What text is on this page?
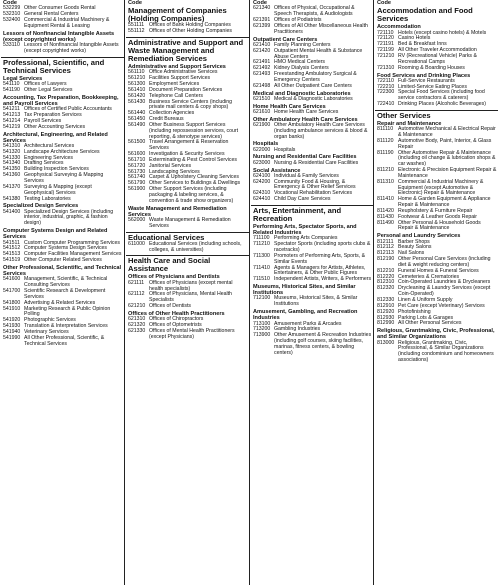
Code
532299 Other Consumer Goods Rental
532310 General Rental Centers
532400 Commercial & Industrial Machinery & Equipment Rental & Leasing
Lessors of Nonfinancial Intangible Assets (except copyrighted works)
533110 Lessors of Nonfinancial Intangible Assets (except copyrighted works)
Professional, Scientific, and Technical Services
Legal Services
541110 Offices of Lawyers
541190 Other Legal Services
Accounting, Tax Preparation, Bookkeeping, and Payroll Services
541211 Offices of Certified Public Accountants
541213 Tax Preparation Services
541214 Payroll Services
541219 Other Accounting Services
Architectural, Engineering, and Related Services
541310 Architectural Services
541320 Landscape Architecture Services
541330 Engineering Services
541340 Drafting Services
541350 Building Inspection Services
541360 Geophysical Surveying & Mapping Services
541370 Surveying & Mapping (except Geophysical) Services
541380 Testing Laboratories
Specialized Design Services
541400 Specialized Design Services (including interior, industrial, graphic, & fashion design)
Computer Systems Design and Related Services
541511 Custom Computer Programming Services
541512 Computer Systems Design Services
541513 Computer Facilities Management Services
541519 Other Computer Related Services
Other Professional, Scientific, and Technical Services
541600 Management, Scientific, & Technical Consulting Services
541700 Scientific Research & Development Services
541800 Advertising & Related Services
541910 Marketing Research & Public Opinion Polling
541920 Photographic Services
541930 Translation & Interpretation Services
541940 Veterinary Services
541990 All Other Professional, Scientific, & Technical Services
Code
Management of Companies (Holding Companies)
551111 Offices of Bank Holding Companies
551112 Offices of Other Holding Companies
Administrative and Support and Waste Management and Remediation Services
Administrative and Support Services
561110 Office Administrative Services
561210 Facilities Support Services
561300 Employment Services
561410 Document Preparation Services
561420 Telephone Call Centers
561430 Business Service Centers (including private mail centers & copy shops)
561440 Collection Agencies
561450 Credit Bureaus
561490 Other Business Support Services (including repossession services, court reporting, & stenotype services)
561500 Travel Arrangement & Reservation Services
561600 Investigation & Security Services
561710 Exterminating & Pest Control Services
561720 Janitorial Services
561730 Landscaping Services
561740 Carpet & Upholstery Cleaning Services
561790 Other Services to Buildings & Dwellings
561900 Other Support Services (including packaging & labeling services, & convention & trade show organizers)
Waste Management and Remediation Services
562000 Waste Management & Remediation Services
Educational Services
611000 Educational Services (including schools, colleges, & universities)
Health Care and Social Assistance
Offices of Physicians and Dentists
621111 Offices of Physicians (except mental health specialists)
621112 Offices of Physicians, Mental Health Specialists
621210 Offices of Dentists
Offices of Other Health Practitioners
621310 Offices of Chiropractors
621320 Offices of Optometrists
621330 Offices of Mental Health Practitioners (except Physicians)
Code
621340 Offices of Physical, Occupational & Speech Therapists, & Audiologists
621391 Offices of Podiatrists
621399 Offices of All Other Miscellaneous Health Practitioners
Outpatient Care Centers
621410 Family Planning Centers
621420 Outpatient Mental Health & Substance Abuse Centers
621491 HMO Medical Centers
621492 Kidney Dialysis Centers
621493 Freestanding Ambulatory Surgical & Emergency Centers
621498 All Other Outpatient Care Centers
Medical and Diagnostic Laboratories
621510 Medical & Diagnostic Laboratories
Home Health Care Services
621610 Home Health Care Services
Other Ambulatory Health Care Services
621900 Other Ambulatory Health Care Services (including ambulance services & blood & organ banks)
Hospitals
622000 Hospitals
Nursing and Residential Care Facilities
623000 Nursing & Residential Care Facilities
Social Assistance
624100 Individual & Family Services
624200 Community Food & Housing, & Emergency & Other Relief Services
624310 Vocational Rehabilitation Services
624410 Child Day Care Services
Arts, Entertainment, and Recreation
Performing Arts, Spectator Sports, and Related Industries
711100 Performing Arts Companies
711210 Spectator Sports (including sports clubs & racetracks)
711300 Promoters of Performing Arts, Sports, & Similar Events
711410 Agents & Managers for Artists, Athletes, Entertainers, & Other Public Figures
711510 Independent Artists, Writers, & Performers
Museums, Historical Sites, and Similar Institutions
712100 Museums, Historical Sites, & Similar Institutions
Amusement, Gambling, and Recreation Industries
713100 Amusement Parks & Arcades
713200 Gambling Industries
713900 Other Amusement & Recreation Industries (including golf courses, skiing facilities, marinas, fitness centers, & bowling centers)
Code
Accommodation and Food Services
Accommodation
721110 Hotels (except casino hotels) & Motels
721120 Casino Hotels
721191 Bed & Breakfast Inns
721199 All Other Traveler Accommodation
721210 RV (Recreational Vehicle) Parks & Recreational Camps
721310 Rooming & Boarding Houses
Food Services and Drinking Places
722110 Full-Service Restaurants
722210 Limited-Service Eating Places
722300 Special Food Services (including food service contractors & caterers)
722410 Drinking Places (Alcoholic Beverages)
Other Services
Repair and Maintenance
811110 Automotive Mechanical & Electrical Repair & Maintenance
811120 Automotive Body, Paint, Interior, & Glass Repair
811190 Other Automotive Repair & Maintenance (including oil change & lubrication shops & car washes)
811210 Electronic & Precision Equipment Repair & Maintenance
811310 Commercial & Industrial Machinery & Equipment (except Automotive & Electronic) Repair & Maintenance
811410 Home & Garden Equipment & Appliance Repair & Maintenance
811420 Reupholstery & Furniture Repair
811430 Footwear & Leather Goods Repair
811490 Other Personal & Household Goods Repair & Maintenance
Personal and Laundry Services
812111 Barber Shops
812112 Beauty Salons
812113 Nail Salons
812190 Other Personal Care Services (including diet & weight reducing centers)
812210 Funeral Homes & Funeral Services
812220 Cemeteries & Crematories
812310 Coin-Operated Laundries & Drycleaners
812320 Drycleaning & Laundry Services (except Coin-Operated)
812330 Linen & Uniform Supply
812910 Pet Care (except Veterinary) Services
812920 Photofinishing
812930 Parking Lots & Garages
812990 All Other Personal Services
Religious, Grantmaking, Civic, Professional, and Similar Organizations
813000 Religious, Grantmaking, Civic, Professional, & Similar Organizations (including condominium and homeowners associations)
